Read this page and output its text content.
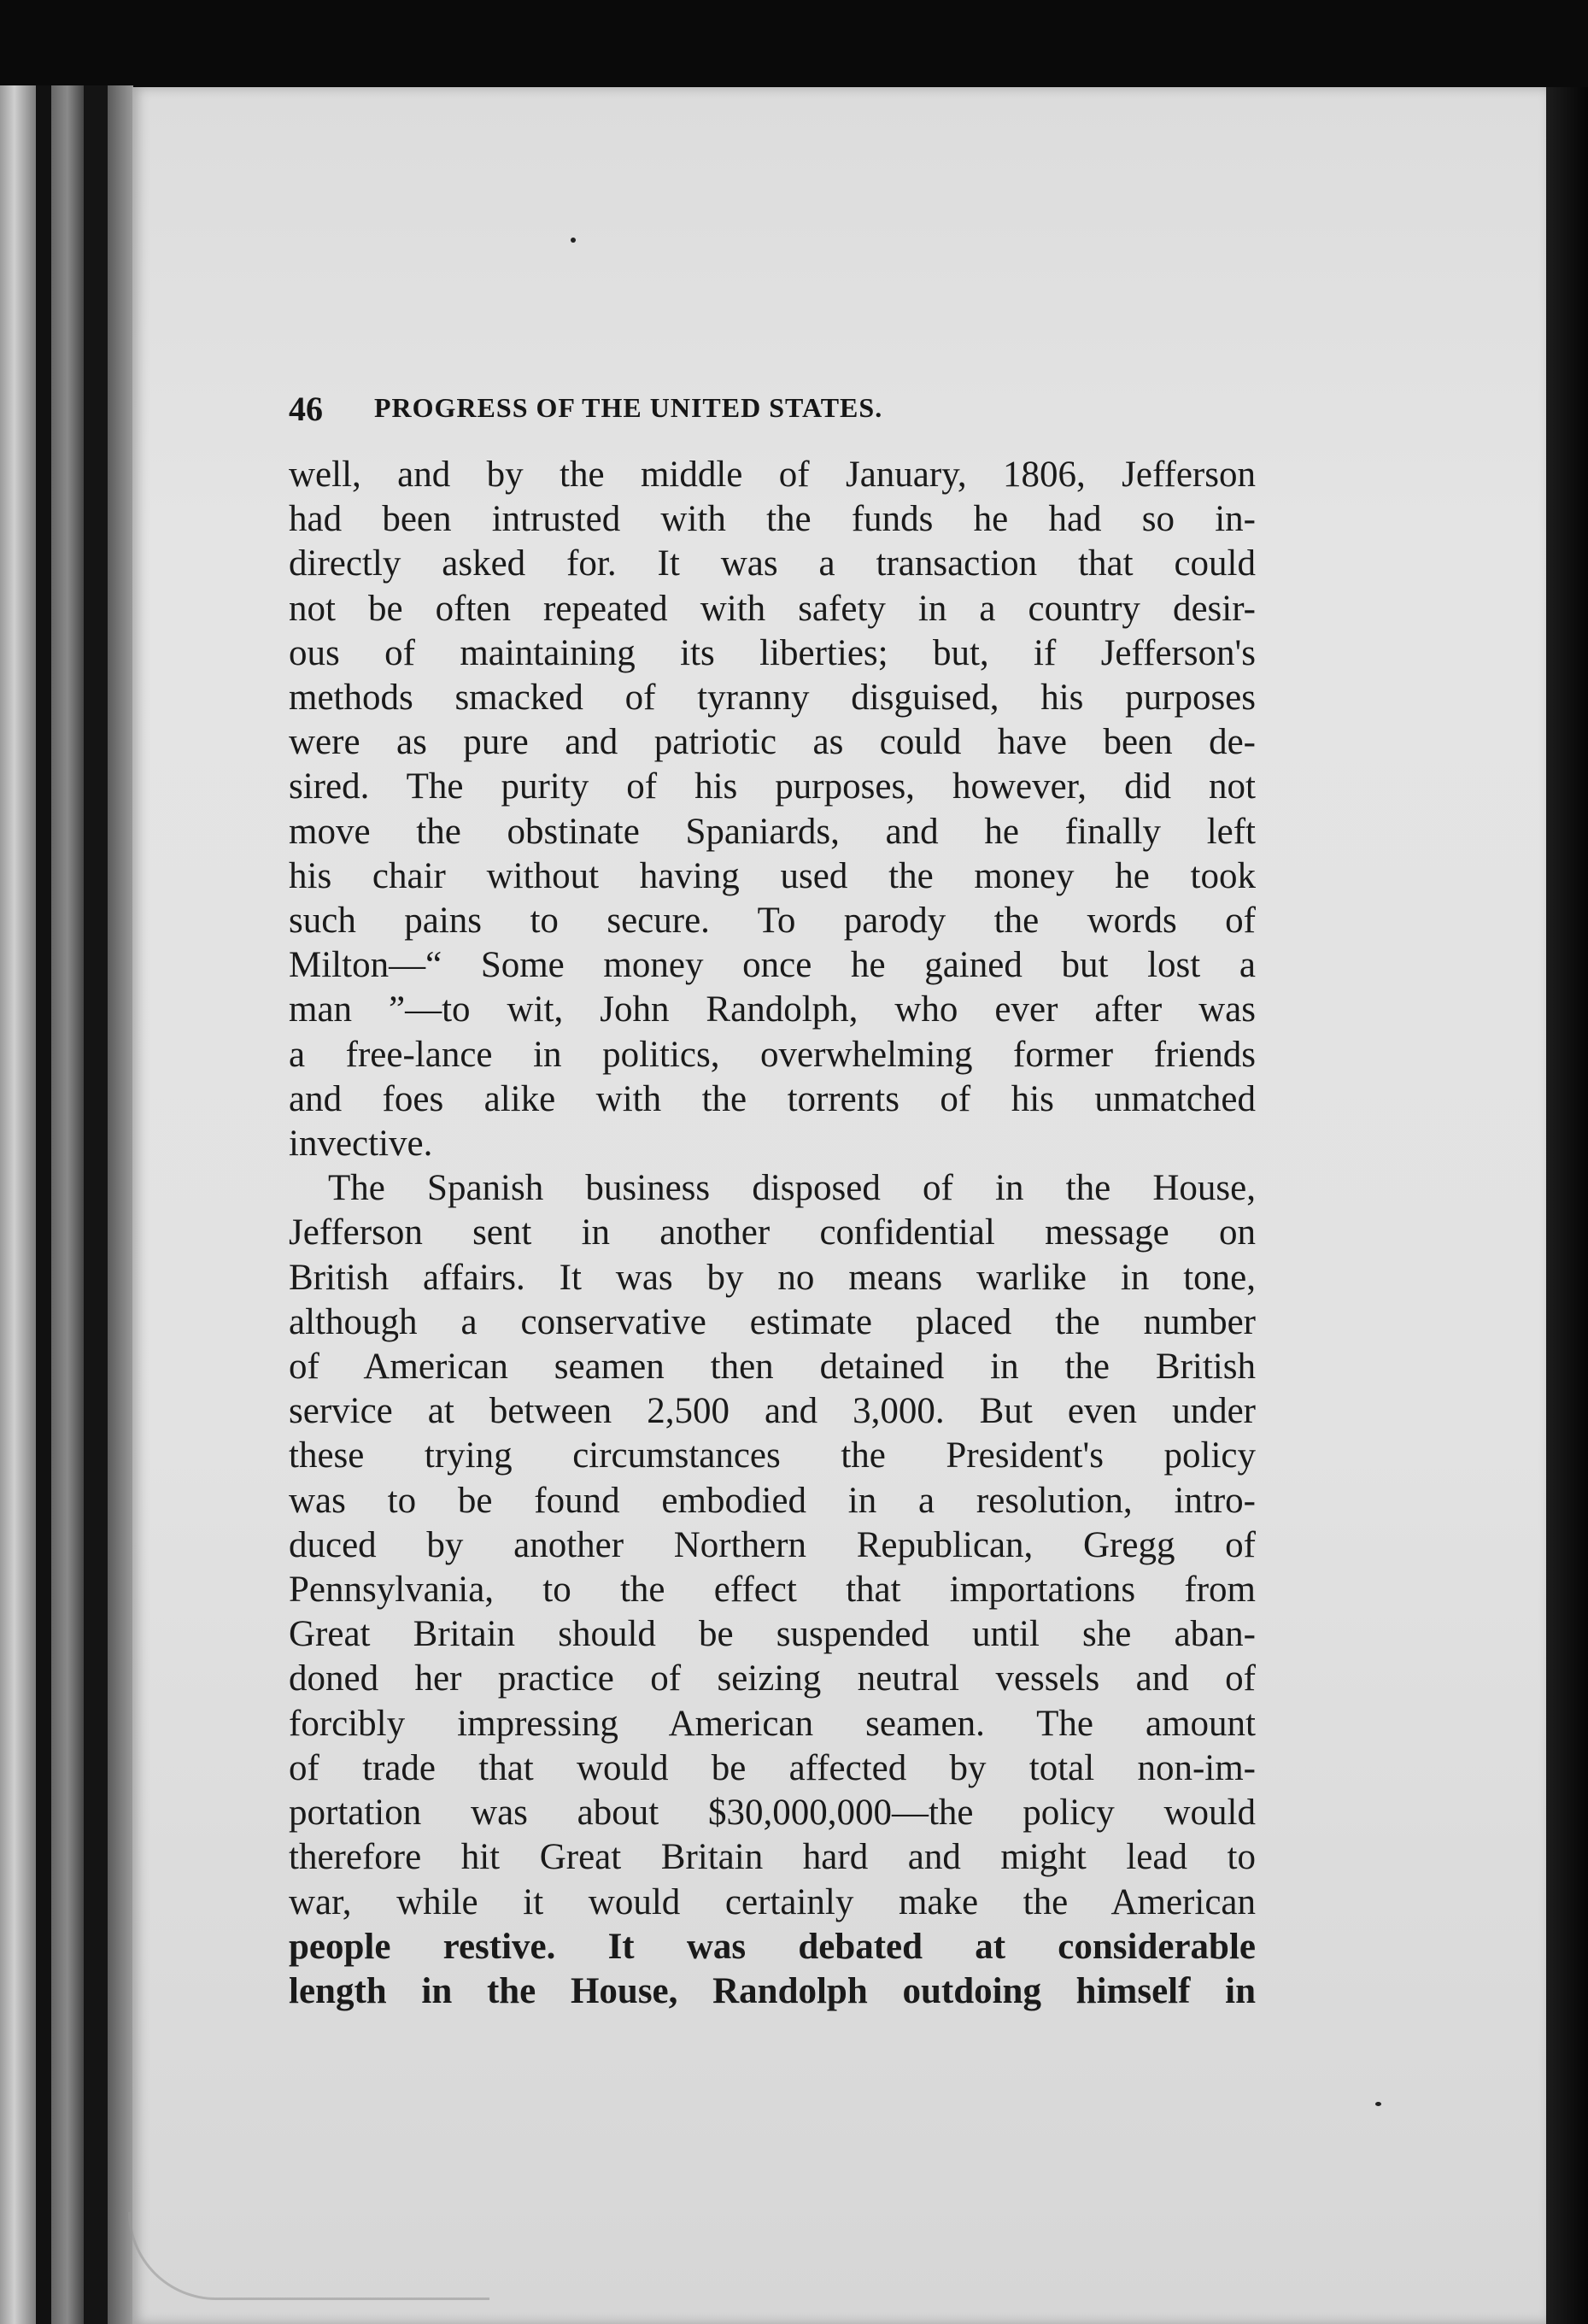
46 PROGRESS OF THE UNITED STATES.
well, and by the middle of January, 1806, Jefferson
had been intrusted with the funds he had so in-
directly asked for. It was a transaction that could
not be often repeated with safety in a country desir-
ous of maintaining its liberties; but, if Jefferson's
methods smacked of tyranny disguised, his purposes
were as pure and patriotic as could have been de-
sired. The purity of his purposes, however, did not
move the obstinate Spaniards, and he finally left
his chair without having used the money he took
such pains to secure. To parody the words of
Milton—“ Some money once he gained but lost a
man ”—to wit, John Randolph, who ever after was
a free-lance in politics, overwhelming former friends
and foes alike with the torrents of his unmatched
invective.
The Spanish business disposed of in the House,
Jefferson sent in another confidential message on
British affairs. It was by no means warlike in tone,
although a conservative estimate placed the number
of American seamen then detained in the British
service at between 2,500 and 3,000. But even under
these trying circumstances the President's policy
was to be found embodied in a resolution, intro-
duced by another Northern Republican, Gregg of
Pennsylvania, to the effect that importations from
Great Britain should be suspended until she aban-
doned her practice of seizing neutral vessels and of
forcibly impressing American seamen. The amount
of trade that would be affected by total non-im-
portation was about $30,000,000—the policy would
therefore hit Great Britain hard and might lead to
war, while it would certainly make the American
people restive. It was debated at considerable
length in the House, Randolph outdoing himself in
